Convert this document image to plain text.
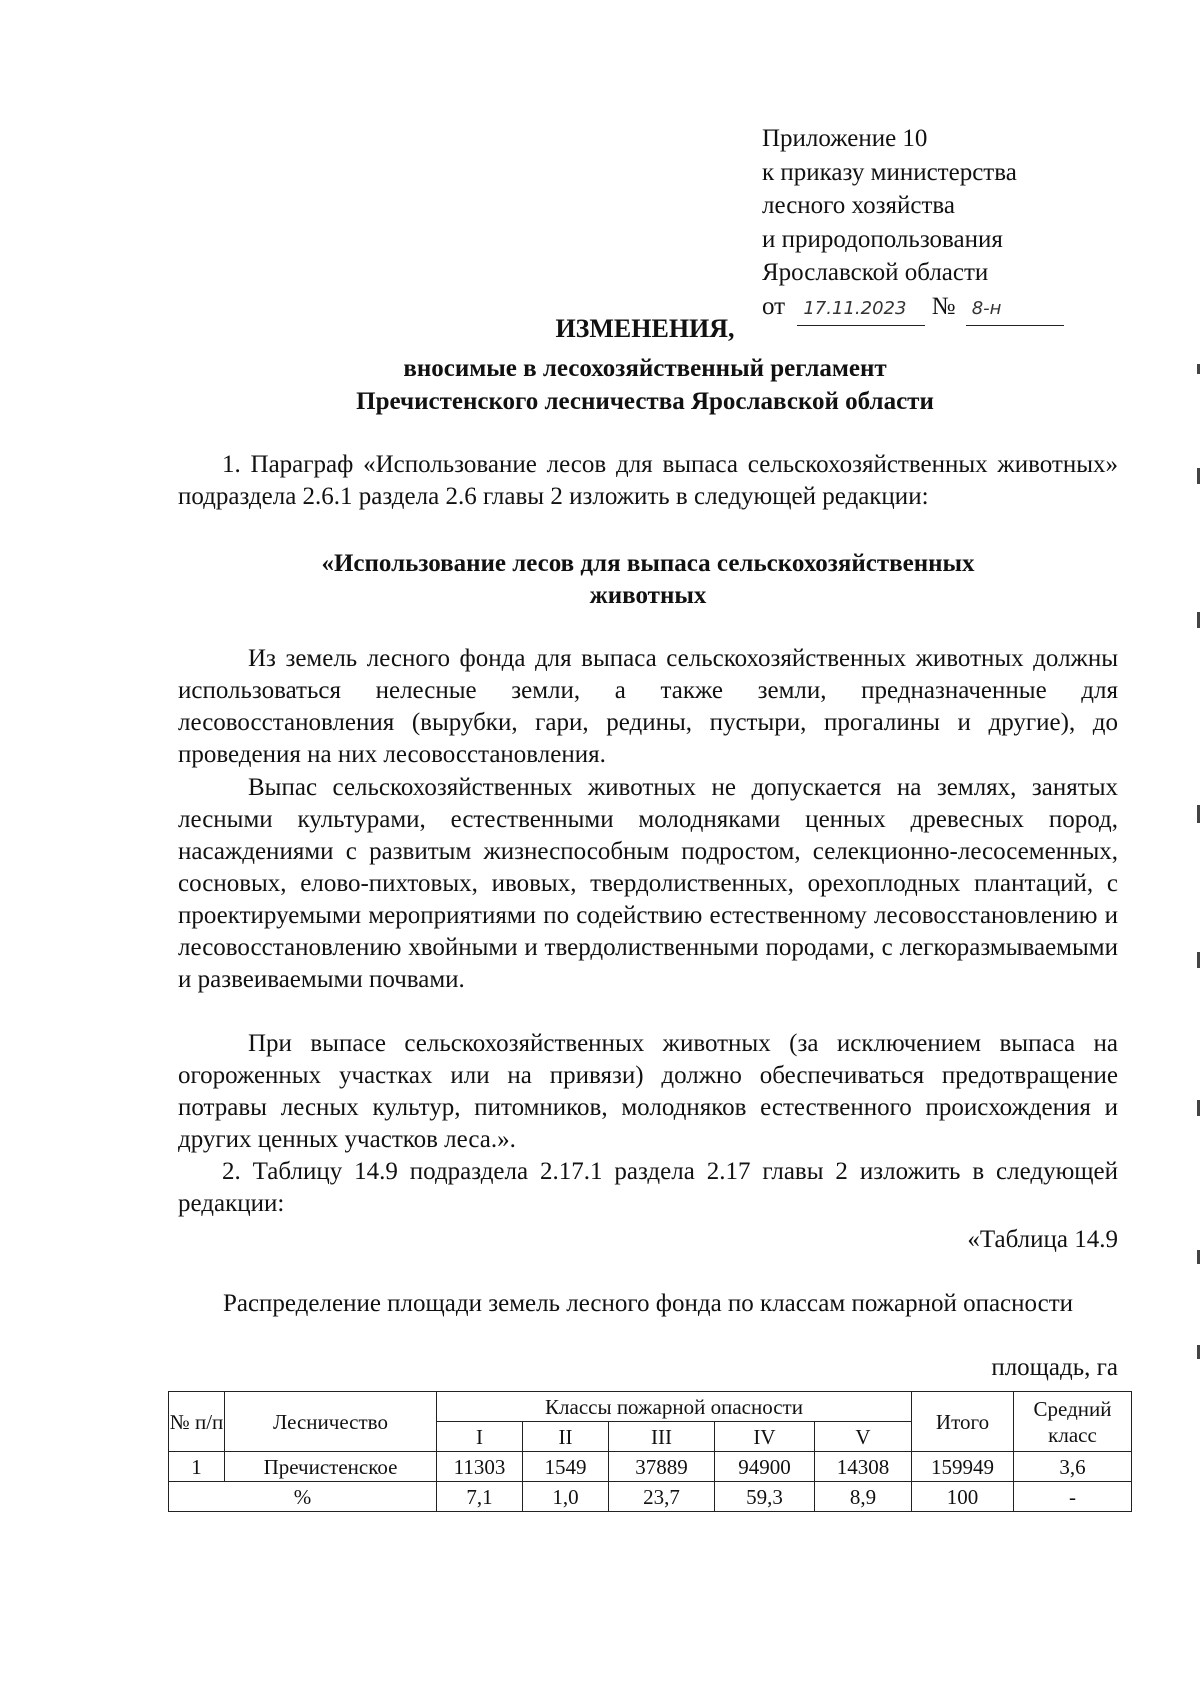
Приложение 10
к приказу министерства
лесного хозяйства
и природопользования
Ярославской области
от 17.11.2023 № 8-н
ИЗМЕНЕНИЯ,
вносимые в лесохозяйственный регламент
Пречистенского лесничества Ярославской области
1. Параграф «Использование лесов для выпаса сельскохозяйственных животных» подраздела 2.6.1 раздела 2.6 главы 2 изложить в следующей редакции:
«Использование лесов для выпаса сельскохозяйственных
животных
Из земель лесного фонда для выпаса сельскохозяйственных животных должны использоваться нелесные земли, а также земли, предназначенные для лесовосстановления (вырубки, гари, редины, пустыри, прогалины и другие), до проведения на них лесовосстановления.
Выпас сельскохозяйственных животных не допускается на землях, занятых лесными культурами, естественными молодняками ценных древесных пород, насаждениями с развитым жизнеспособным подростом, селекционно-лесосеменных, сосновых, елово-пихтовых, ивовых, твердолиственных, орехоплодных плантаций, с проектируемыми мероприятиями по содействию естественному лесовосстановлению и лесовосстановлению хвойными и твердолиственными породами, с легкоразмываемыми и развеиваемыми почвами.
При выпасе сельскохозяйственных животных (за исключением выпаса на огороженных участках или на привязи) должно обеспечиваться предотвращение потравы лесных культур, питомников, молодняков естественного происхождения и других ценных участков леса.».
2. Таблицу 14.9 подраздела 2.17.1 раздела 2.17 главы 2 изложить в следующей редакции:
«Таблица 14.9
Распределение площади земель лесного фонда по классам пожарной опасности
площадь, га
№ п/п	Лесничество	Классы пожарной опасности					Итого	Средний класс
		I	II	III	IV	V		
1	Пречистенское	11303	1549	37889	94900	14308	159949	3,6
%		7,1	1,0	23,7	59,3	8,9	100	-
